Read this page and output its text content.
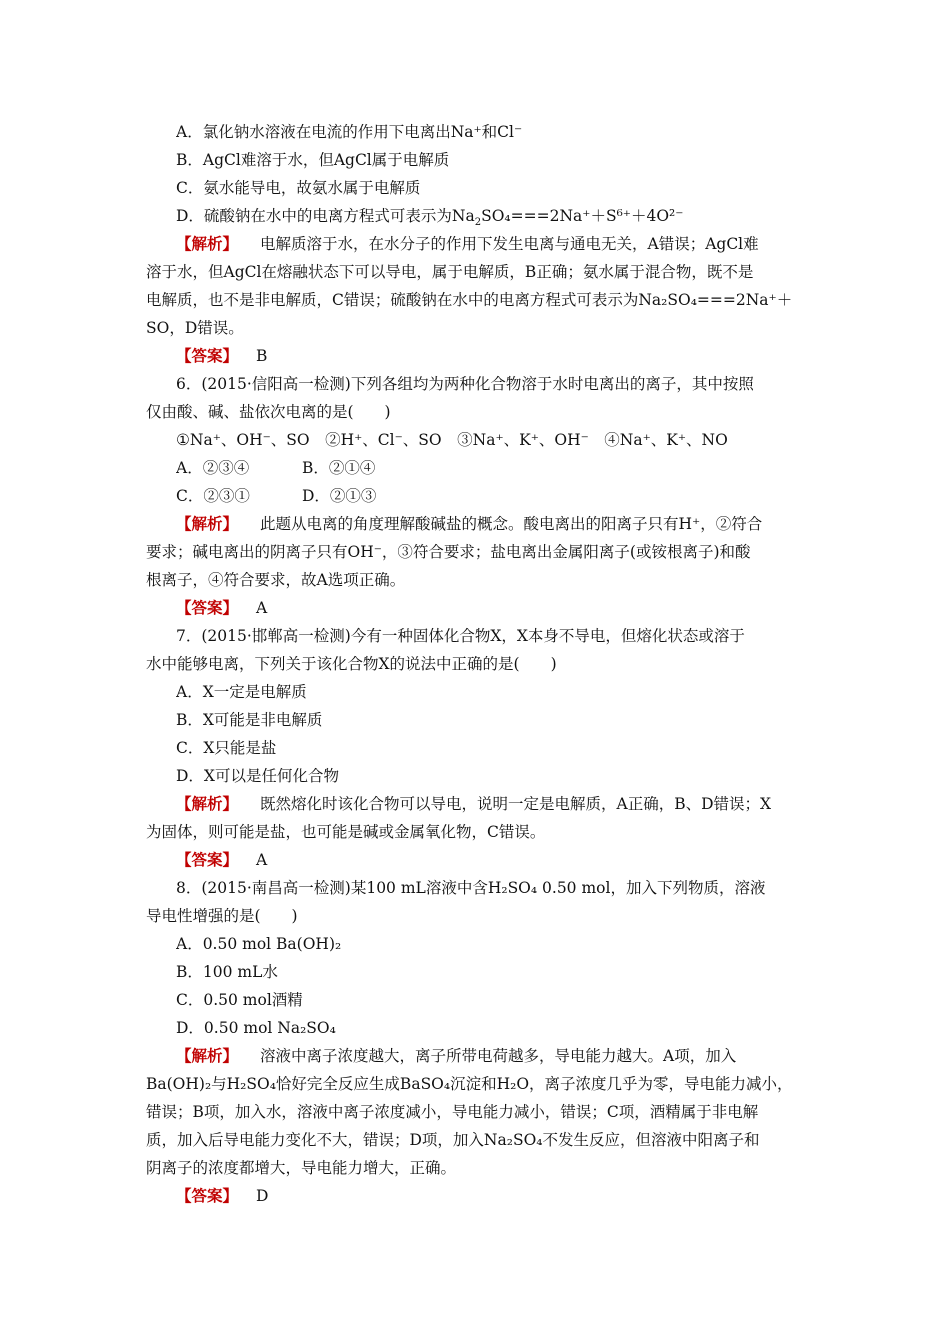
A．氯化钠水溶液在电流的作用下电离出Na⁺和Cl⁻
B．AgCl难溶于水，但AgCl属于电解质
C．氨水能导电，故氨水属于电解质
D．硫酸钠在水中的电离方程式可表示为$Na_2SO_4===2Na^++S^{6+}+4O^{2-}$
【解析】 电解质溶于水，在水分子的作用下发生电离与通电无关，A错误；AgCl难
溶于水，但AgCl在熔融状态下可以导电，属于电解质，B正确；氨水属于混合物，既不是
电解质，也不是非电解质，C错误；硫酸钠在水中的电离方程式可表示为Na₂SO₄===2Na⁺＋
SO，D错误。
【答案】 B
6．(2015·信阳高一检测)下列各组均为两种化合物溶于水时电离出的离子，其中按照
仅由酸、碱、盐依次电离的是(　　)
①Na⁺、OH⁻、SO　②H⁺、Cl⁻、SO　③Na⁺、K⁺、OH⁻　④Na⁺、K⁺、NO
A．②③④	B．②①④
C．②③①	D．②①③
【解析】 此题从电离的角度理解酸碱盐的概念。酸电离出的阳离子只有H⁺，②符合
要求；碱电离出的阴离子只有OH⁻，③符合要求；盐电离出金属阳离子(或铵根离子)和酸
根离子，④符合要求，故A选项正确。
【答案】 A
7．(2015·邯郸高一检测)今有一种固体化合物X，X本身不导电，但熔化状态或溶于
水中能够电离，下列关于该化合物X的说法中正确的是(　　)
A．X一定是电解质
B．X可能是非电解质
C．X只能是盐
D．X可以是任何化合物
【解析】 既然熔化时该化合物可以导电，说明一定是电解质，A正确，B、D错误；X
为固体，则可能是盐，也可能是碱或金属氧化物，C错误。
【答案】 A
8．(2015·南昌高一检测)某100 mL溶液中含H₂SO₄ 0.50 mol，加入下列物质，溶液
导电性增强的是(　　)
A．0.50 mol Ba(OH)₂
B．100 mL水
C．0.50 mol酒精
D．0.50 mol Na₂SO₄
【解析】 溶液中离子浓度越大，离子所带电荷越多，导电能力越大。A项，加入
Ba(OH)₂与H₂SO₄恰好完全反应生成BaSO₄沉淀和H₂O，离子浓度几乎为零，导电能力减小，
错误；B项，加入水，溶液中离子浓度减小，导电能力减小，错误；C项，酒精属于非电解
质，加入后导电能力变化不大，错误；D项，加入Na₂SO₄不发生反应，但溶液中阳离子和
阴离子的浓度都增大，导电能力增大，正确。
【答案】 D
